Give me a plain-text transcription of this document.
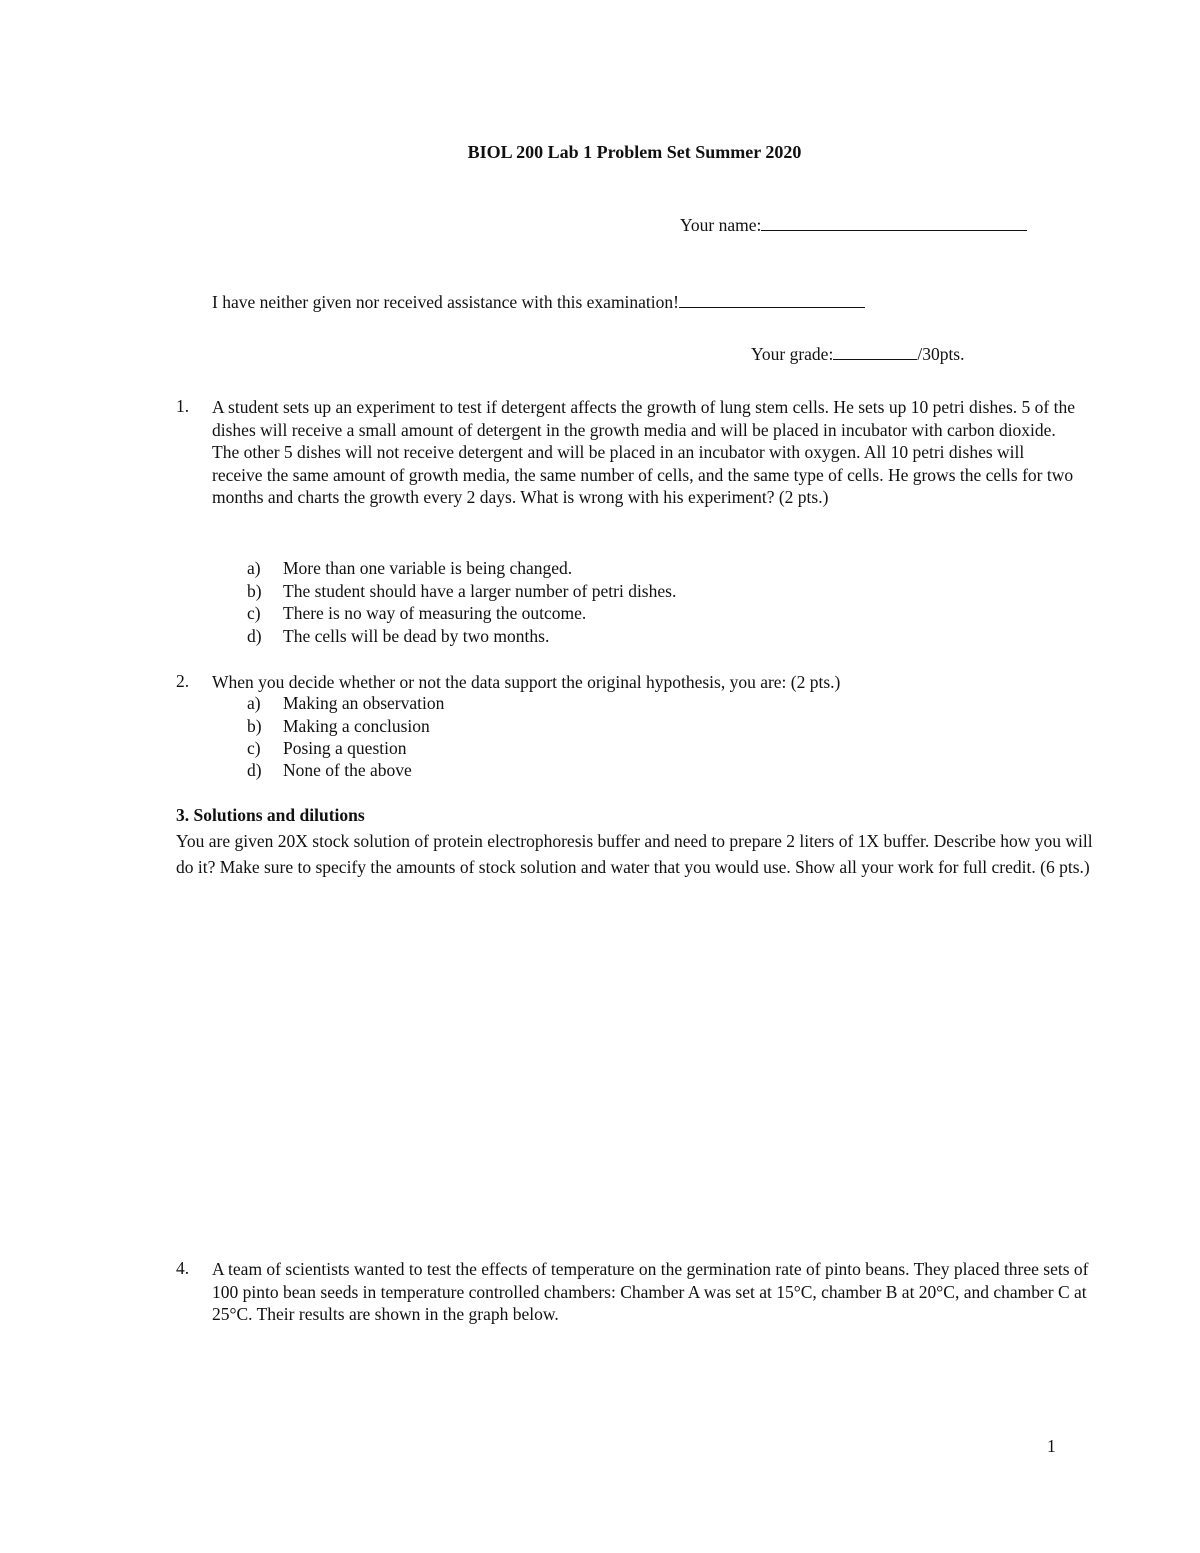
BIOL 200 Lab 1 Problem Set Summer 2020
Your name:
I have neither given nor received assistance with this examination!
Your grade:	/30pts.
1. A student sets up an experiment to test if detergent affects the growth of lung stem cells. He sets up 10 petri dishes. 5 of the dishes will receive a small amount of detergent in the growth media and will be placed in incubator with carbon dioxide. The other 5 dishes will not receive detergent and will be placed in an incubator with oxygen. All 10 petri dishes will receive the same amount of growth media, the same number of cells, and the same type of cells. He grows the cells for two months and charts the growth every 2 days. What is wrong with his experiment? (2 pts.)
a) More than one variable is being changed.
b) The student should have a larger number of petri dishes.
c) There is no way of measuring the outcome.
d) The cells will be dead by two months.
2. When you decide whether or not the data support the original hypothesis, you are: (2 pts.)
a) Making an observation
b) Making a conclusion
c) Posing a question
d) None of the above
3. Solutions and dilutions
You are given 20X stock solution of protein electrophoresis buffer and need to prepare 2 liters of 1X buffer. Describe how you will do it? Make sure to specify the amounts of stock solution and water that you would use. Show all your work for full credit. (6 pts.)
4. A team of scientists wanted to test the effects of temperature on the germination rate of pinto beans. They placed three sets of 100 pinto bean seeds in temperature controlled chambers: Chamber A was set at 15°C, chamber B at 20°C, and chamber C at 25°C. Their results are shown in the graph below.
1
